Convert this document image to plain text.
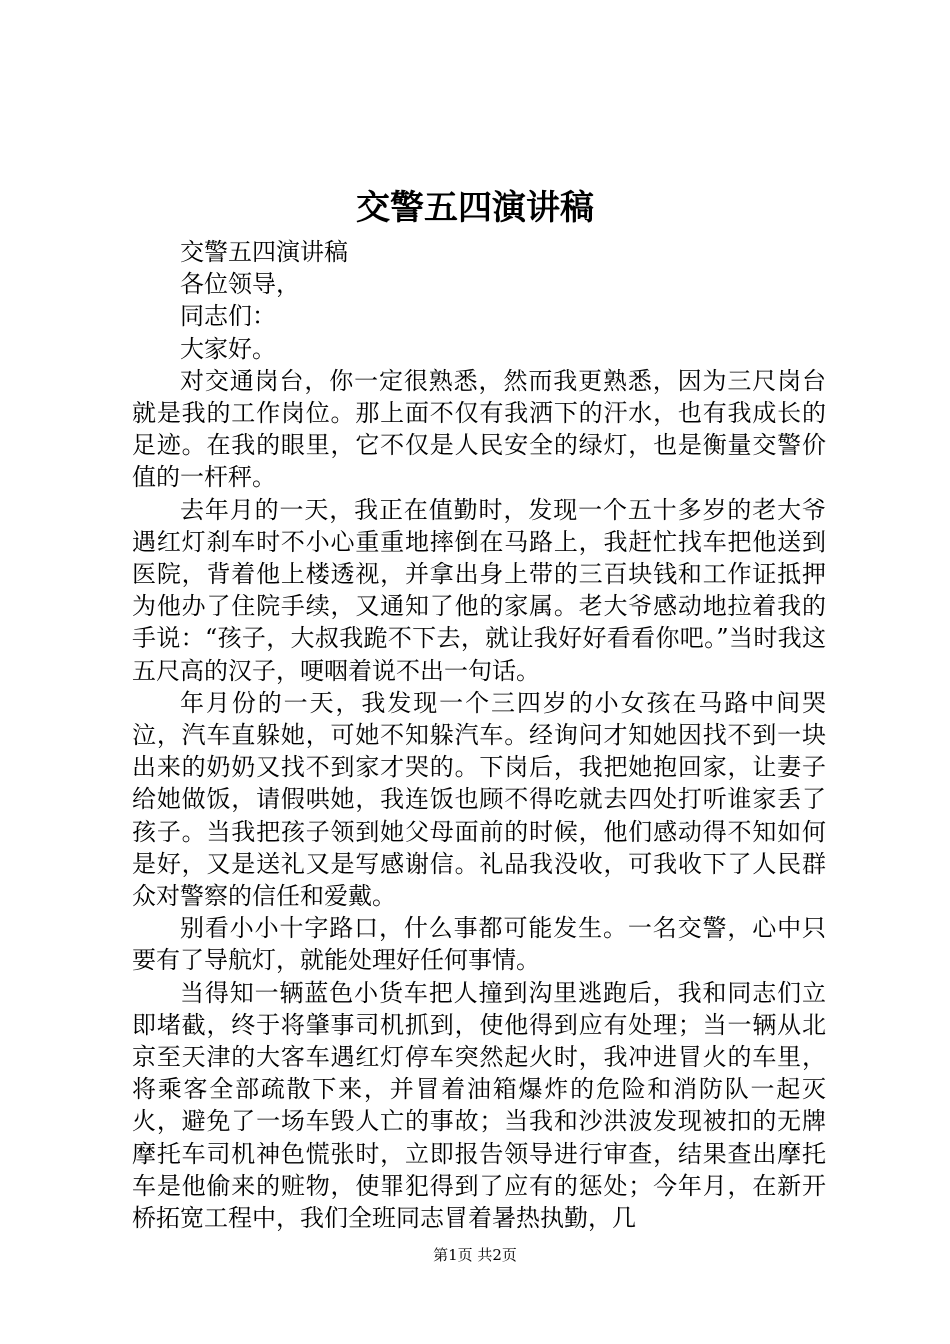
交警五四演讲稿

交警五四演讲稿

各位领导，

同志们：

大家好。

对交通岗台，你一定很熟悉，然而我更熟悉，因为三尺岗台就是我的工作岗位。那上面不仅有我洒下的汗水，也有我成长的足迹。在我的眼里，它不仅是人民安全的绿灯，也是衡量交警价值的一杆秤。

去年月的一天，我正在值勤时，发现一个五十多岁的老大爷遇红灯刹车时不小心重重地摔倒在马路上，我赶忙找车把他送到医院，背着他上楼透视，并拿出身上带的三百块钱和工作证抵押为他办了住院手续，又通知了他的家属。老大爷感动地拉着我的手说：“孩子，大叔我跪不下去，就让我好好看看你吧。”当时我这五尺高的汉子，哽咽着说不出一句话。

年月份的一天，我发现一个三四岁的小女孩在马路中间哭泣，汽车直躲她，可她不知躲汽车。经询问才知她因找不到一块出来的奶奶又找不到家才哭的。下岗后，我把她抱回家，让妻子给她做饭，请假哄她，我连饭也顾不得吃就去四处打听谁家丢了孩子。当我把孩子领到她父母面前的时候，他们感动得不知如何是好，又是送礼又是写感谢信。礼品我没收，可我收下了人民群众对警察的信任和爱戴。

别看小小十字路口，什么事都可能发生。一名交警，心中只要有了导航灯，就能处理好任何事情。

当得知一辆蓝色小货车把人撞到沟里逃跑后，我和同志们立即堵截，终于将肇事司机抓到，使他得到应有处理；当一辆从北京至天津的大客车遇红灯停车突然起火时，我冲进冒火的车里，将乘客全部疏散下来，并冒着油箱爆炸的危险和消防队一起灭火，避免了一场车毁人亡的事故；当我和沙洪波发现被扣的无牌摩托车司机神色慌张时，立即报告领导进行审查，结果查出摩托车是他偷来的赃物，使罪犯得到了应有的惩处；今年月，在新开桥拓宽工程中，我们全班同志冒着暑热执勤，几

第1页 共2页
